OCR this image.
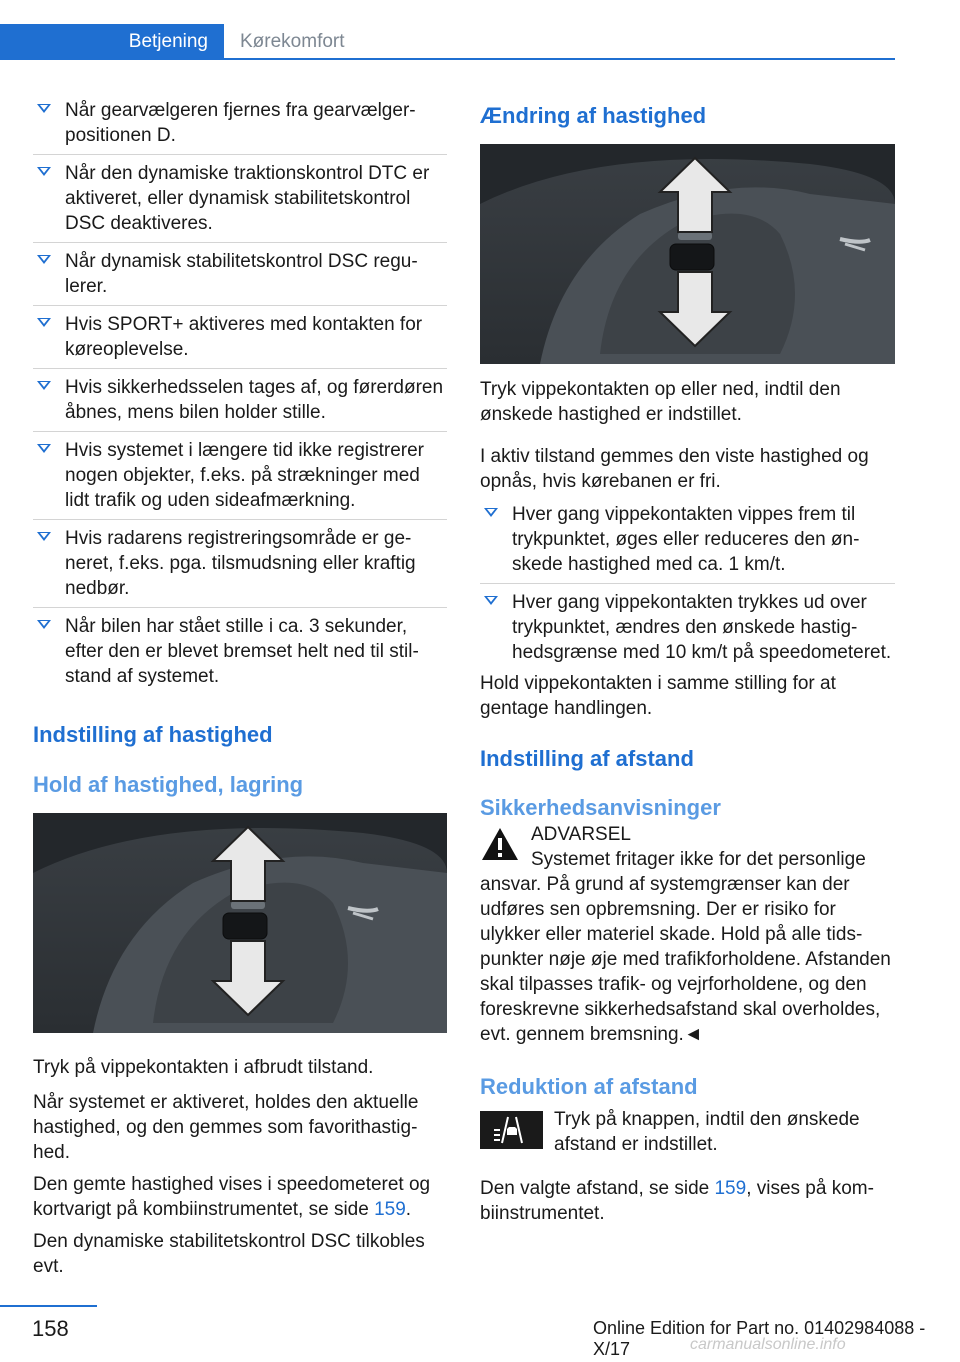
Betjening Kørekomfort
Når gearvælgeren fjernes fra gearvælgerpositionen D.
Når den dynamiske traktionskontrol DTC er aktiveret, eller dynamisk stabilitetskontrol DSC deaktiveres.
Når dynamisk stabilitetskontrol DSC regulerer.
Hvis SPORT+ aktiveres med kontakten for køreoplevelse.
Hvis sikkerhedsselen tages af, og førerdøren åbnes, mens bilen holder stille.
Hvis systemet i længere tid ikke registrerer nogen objekter, f.eks. på strækninger med lidt trafik og uden sideafmærkning.
Hvis radarens registreringsområde er generet, f.eks. pga. tilsmudsning eller kraftig nedbør.
Når bilen har stået stille i ca. 3 sekunder, efter den er blevet bremset helt ned til stilstand af systemet.
Indstilling af hastighed
Hold af hastighed, lagring

Tryk på vippekontakten i afbrudt tilstand.

Når systemet er aktiveret, holdes den aktuelle hastighed, og den gemmes som favorithastighed.

Den gemte hastighed vises i speedometeret og kortvarigt på kombiinstrumentet, se side 159.

Den dynamiske stabilitetskontrol DSC tilkobles evt.

Ændring af hastighed

Tryk vippekontakten op eller ned, indtil den ønskede hastighed er indstillet.

I aktiv tilstand gemmes den viste hastighed og opnås, hvis kørebanen er fri.

Hver gang vippekontakten vippes frem til trykpunktet, øges eller reduceres den ønskede hastighed med ca. 1 km/t.
Hver gang vippekontakten trykkes ud over trykpunktet, ændres den ønskede hastighedsgrænse med 10 km/t på speedometeret.

Hold vippekontakten i samme stilling for at gentage handlingen.

Indstilling af afstand
Sikkerhedsanvisninger
ADVARSEL
Systemet fritager ikke for det personlige
ansvar. På grund af systemgrænser kan der udføres sen opbremsning. Der er risiko for ulykker eller materiel skade. Hold på alle tidspunkter nøje øje med trafikforholdene. Afstanden skal tilpasses trafik- og vejrforholdene, og den foreskrevne sikkerhedsafstand skal overholdes, evt. gennem bremsning.◄
Reduktion af afstand
Tryk på knappen, indtil den ønskede afstand er indstillet.

Den valgte afstand, se side 159, vises på kombiinstrumentet.

158	Online Edition for Part no. 01402984088 - X/17	carmanualsonline.info
